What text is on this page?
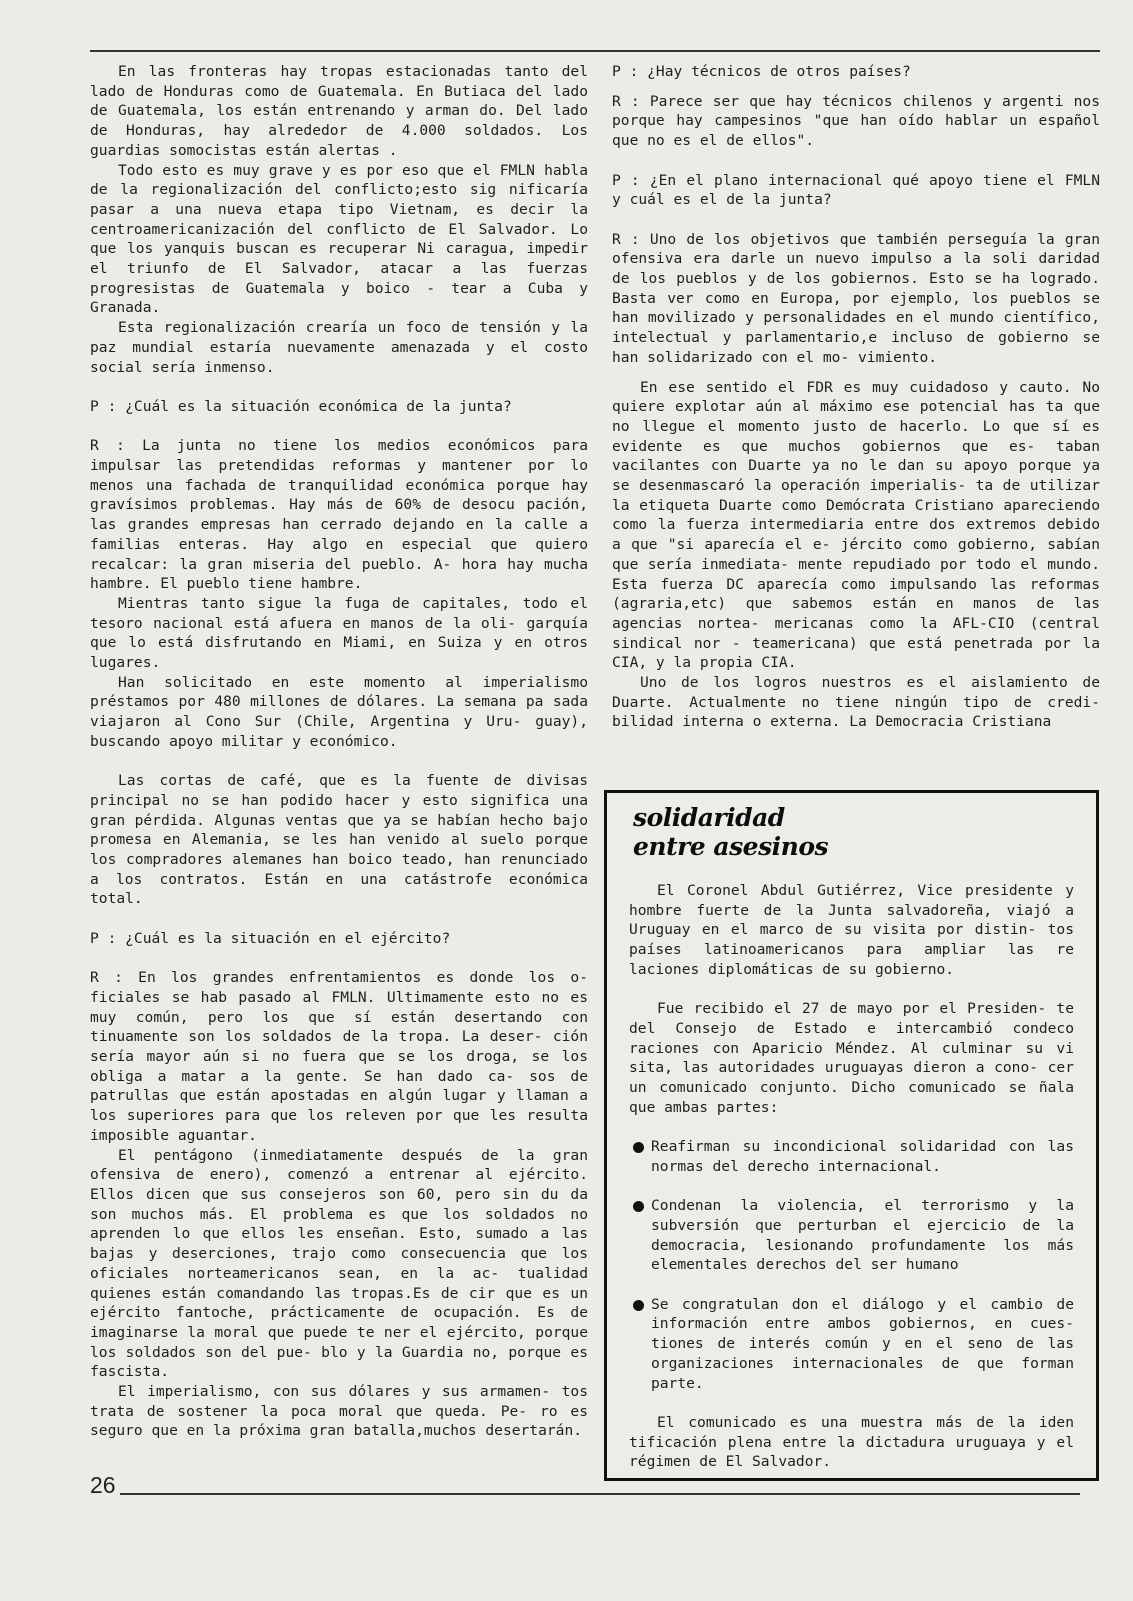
En las fronteras hay tropas estacionadas tanto del lado de Honduras como de Guatemala. En Butiaca del lado de Guatemala, los están entrenando y arman do. Del lado de Honduras, hay alrededor de 4.000 soldados. Los guardias somocistas están alertas .

Todo esto es muy grave y es por eso que el FMLN habla de la regionalización del conflicto;esto sig nificaría pasar a una nueva etapa tipo Vietnam, es decir la centroamericanización del conflicto de El Salvador. Lo que los yanquis buscan es recuperar Ni caragua, impedir el triunfo de El Salvador, atacar a las fuerzas progresistas de Guatemala y boico - tear a Cuba y Granada.

Esta regionalización crearía un foco de tensión y la paz mundial estaría nuevamente amenazada y el costo social sería inmenso.

P : ¿Cuál es la situación económica de la junta?

R : La junta no tiene los medios económicos para impulsar las pretendidas reformas y mantener por lo menos una fachada de tranquilidad económica porque hay gravísimos problemas. Hay más de 60% de desocu pación, las grandes empresas han cerrado dejando en la calle a familias enteras. Hay algo en especial que quiero recalcar: la gran miseria del pueblo. A- hora hay mucha hambre. El pueblo tiene hambre.

Mientras tanto sigue la fuga de capitales, todo el tesoro nacional está afuera en manos de la oli- garquía que lo está disfrutando en Miami, en Suiza y en otros lugares.

Han solicitado en este momento al imperialismo préstamos por 480 millones de dólares. La semana pa sada viajaron al Cono Sur (Chile, Argentina y Uru- guay), buscando apoyo militar y económico.

Las cortas de café, que es la fuente de divisas principal no se han podido hacer y esto significa una gran pérdida. Algunas ventas que ya se habían hecho bajo promesa en Alemania, se les han venido al suelo porque los compradores alemanes han boico teado, han renunciado a los contratos. Están en una catástrofe económica total.

P : ¿Cuál es la situación en el ejército?

R : En los grandes enfrentamientos es donde los o- ficiales se hab pasado al FMLN. Ultimamente esto no es muy común, pero los que sí están desertando con tinuamente son los soldados de la tropa. La deser- ción sería mayor aún si no fuera que se los droga, se los obliga a matar a la gente. Se han dado ca- sos de patrullas que están apostadas en algún lugar y llaman a los superiores para que los releven por que les resulta imposible aguantar.

El pentágono (inmediatamente después de la gran ofensiva de enero), comenzó a entrenar al ejército. Ellos dicen que sus consejeros son 60, pero sin du da son muchos más. El problema es que los soldados no aprenden lo que ellos les enseñan. Esto, sumado a las bajas y deserciones, trajo como consecuencia que los oficiales norteamericanos sean, en la ac- tualidad quienes están comandando las tropas.Es de cir que es un ejército fantoche, prácticamente de ocupación. Es de imaginarse la moral que puede te ner el ejército, porque los soldados son del pue- blo y la Guardia no, porque es fascista.

El imperialismo, con sus dólares y sus armamen- tos trata de sostener la poca moral que queda. Pe- ro es seguro que en la próxima gran batalla,muchos desertarán.

P : ¿Hay técnicos de otros países?

R : Parece ser que hay técnicos chilenos y argenti nos porque hay campesinos "que han oído hablar un español que no es el de ellos".

P : ¿En el plano internacional qué apoyo tiene el FMLN y cuál es el de la junta?

R : Uno de los objetivos que también perseguía la gran ofensiva era darle un nuevo impulso a la soli daridad de los pueblos y de los gobiernos. Esto se ha logrado. Basta ver como en Europa, por ejemplo, los pueblos se han movilizado y personalidades en el mundo científico, intelectual y parlamentario,e incluso de gobierno se han solidarizado con el mo- vimiento.

En ese sentido el FDR es muy cuidadoso y cauto. No quiere explotar aún al máximo ese potencial has ta que no llegue el momento justo de hacerlo. Lo que sí es evidente es que muchos gobiernos que es- taban vacilantes con Duarte ya no le dan su apoyo porque ya se desenmascaró la operación imperialis- ta de utilizar la etiqueta Duarte como Demócrata Cristiano apareciendo como la fuerza intermediaria entre dos extremos debido a que "si aparecía el e- jército como gobierno, sabían que sería inmediata- mente repudiado por todo el mundo. Esta fuerza DC aparecía como impulsando las reformas (agraria,etc) que sabemos están en manos de las agencias nortea- mericanas como la AFL-CIO (central sindical nor - teamericana) que está penetrada por la CIA, y la propia CIA.

Uno de los logros nuestros es el aislamiento de Duarte. Actualmente no tiene ningún tipo de credi- bilidad interna o externa. La Democracia Cristiana

solidaridad
entre asesinos

El Coronel Abdul Gutiérrez, Vice presidente y hombre fuerte de la Junta salvadoreña, viajó a Uruguay en el marco de su visita por distin- tos países latinoamericanos para ampliar las re laciones diplomáticas de su gobierno.

Fue recibido el 27 de mayo por el Presiden- te del Consejo de Estado e intercambió condeco raciones con Aparicio Méndez. Al culminar su vi sita, las autoridades uruguayas dieron a cono- cer un comunicado conjunto. Dicho comunicado se ñala que ambas partes:

Reafirman su incondicional solidaridad con las normas del derecho internacional.

Condenan la violencia, el terrorismo y la subversión que perturban el ejercicio de la democracia, lesionando profundamente los más elementales derechos del ser humano

Se congratulan don el diálogo y el cambio de información entre ambos gobiernos, en cues- tiones de interés común y en el seno de las organizaciones internacionales de que forman parte.

El comunicado es una muestra más de la iden tificación plena entre la dictadura uruguaya y el régimen de El Salvador.

26
